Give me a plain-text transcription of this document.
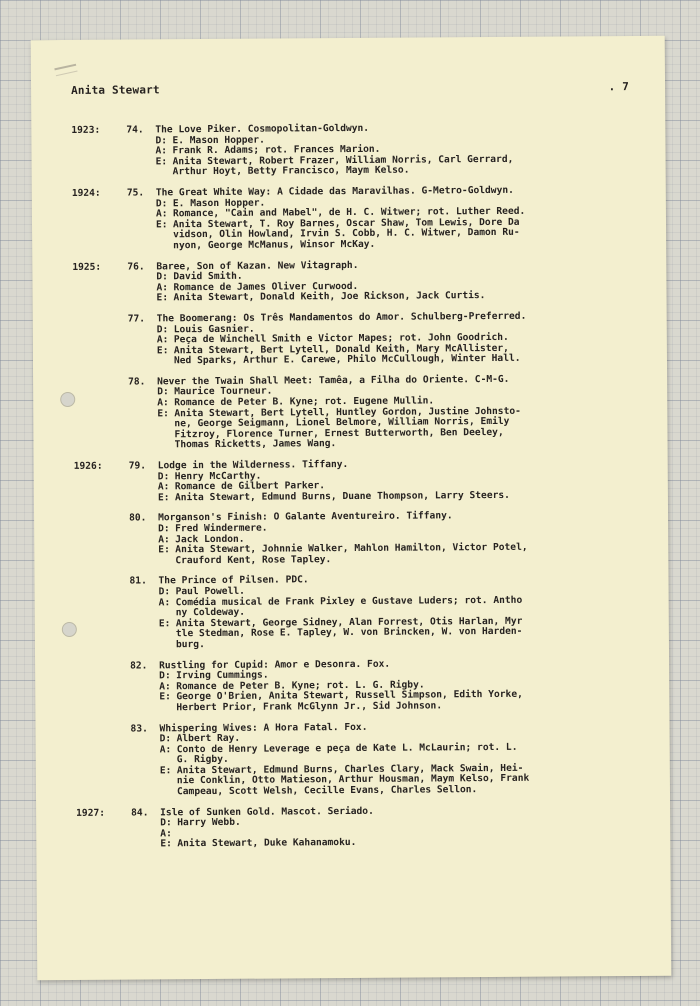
Anita Stewart	. 7
1923:	74.	The Love Piker. Cosmopolitan-Goldwyn.
D: E. Mason Hopper.
A: Frank R. Adams; rot. Frances Marion.
E: Anita Stewart, Robert Frazer, William Norris, Carl Gerrard,
Arthur Hoyt, Betty Francisco, Maym Kelso.
1924:	75.	The Great White Way: A Cidade das Maravilhas. G-Metro-Goldwyn.
D: E. Mason Hopper.
A: Romance, "Cain and Mabel", de H. C. Witwer; rot. Luther Reed.
E: Anita Stewart, T. Roy Barnes, Oscar Shaw, Tom Lewis, Dore Da
vidson, Olin Howland, Irvin S. Cobb, H. C. Witwer, Damon Ru-
nyon, George McManus, Winsor McKay.
1925:	76.	Baree, Son of Kazan. New Vitagraph.
D: David Smith.
A: Romance de James Oliver Curwood.
E: Anita Stewart, Donald Keith, Joe Rickson, Jack Curtis.
77.	The Boomerang: Os Três Mandamentos do Amor. Schulberg-Preferred.
D: Louis Gasnier.
A: Peça de Winchell Smith e Victor Mapes; rot. John Goodrich.
E: Anita Stewart, Bert Lytell, Donald Keith, Mary McAllister,
Ned Sparks, Arthur E. Carewe, Philo McCullough, Winter Hall.
78.	Never the Twain Shall Meet: Tamêa, a Filha do Oriente. C-M-G.
D: Maurice Tourneur.
A: Romance de Peter B. Kyne; rot. Eugene Mullin.
E: Anita Stewart, Bert Lytell, Huntley Gordon, Justine Johnsto-
ne, George Seigmann, Lionel Belmore, William Norris, Emily
Fitzroy, Florence Turner, Ernest Butterworth, Ben Deeley,
Thomas Ricketts, James Wang.
1926:	79.	Lodge in the Wilderness. Tiffany.
D: Henry McCarthy.
A: Romance de Gilbert Parker.
E: Anita Stewart, Edmund Burns, Duane Thompson, Larry Steers.
80.	Morganson's Finish: O Galante Aventureiro. Tiffany.
D: Fred Windermere.
A: Jack London.
E: Anita Stewart, Johnnie Walker, Mahlon Hamilton, Victor Potel,
Crauford Kent, Rose Tapley.
81.	The Prince of Pilsen. PDC.
D: Paul Powell.
A: Comédia musical de Frank Pixley e Gustave Luders; rot. Antho
ny Coldeway.
E: Anita Stewart, George Sidney, Alan Forrest, Otis Harlan, Myr
tle Stedman, Rose E. Tapley, W. von Brincken, W. von Harden-
burg.
82.	Rustling for Cupid: Amor e Desonra. Fox.
D: Irving Cummings.
A: Romance de Peter B. Kyne; rot. L. G. Rigby.
E: George O'Brien, Anita Stewart, Russell Simpson, Edith Yorke,
Herbert Prior, Frank McGlynn Jr., Sid Johnson.
83.	Whispering Wives: A Hora Fatal. Fox.
D: Albert Ray.
A: Conto de Henry Leverage e peça de Kate L. McLaurin; rot. L.
G. Rigby.
E: Anita Stewart, Edmund Burns, Charles Clary, Mack Swain, Hei-
nie Conklin, Otto Matieson, Arthur Housman, Maym Kelso, Frank
Campeau, Scott Welsh, Cecille Evans, Charles Sellon.
1927:	84.	Isle of Sunken Gold. Mascot. Seriado.
D: Harry Webb.
A:
E: Anita Stewart, Duke Kahanamoku.
